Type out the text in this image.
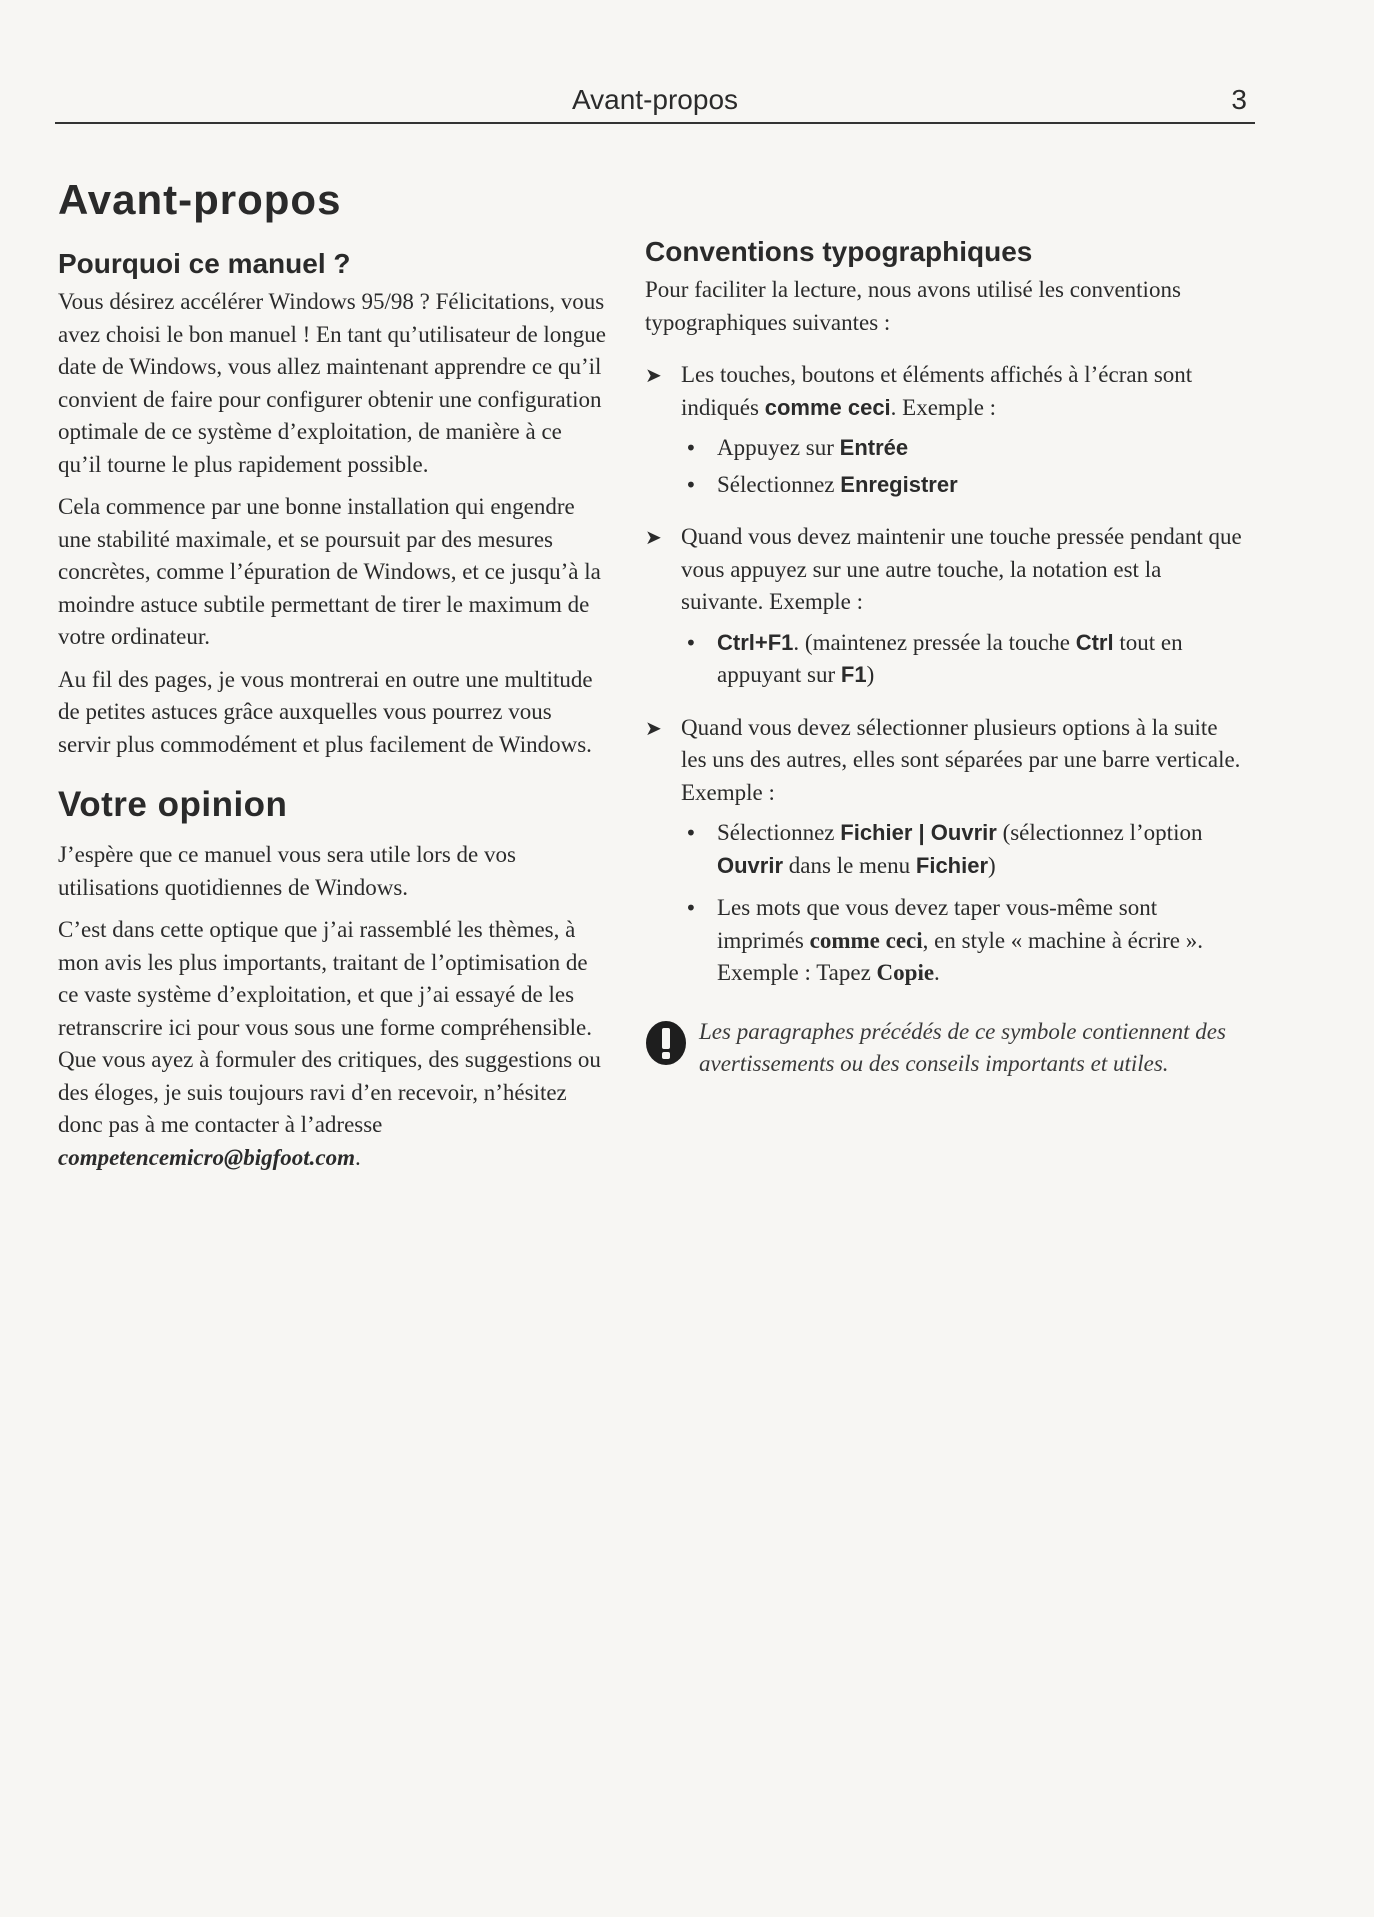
Avant-propos	3
Avant-propos
Pourquoi ce manuel ?

Vous désirez accélérer Windows 95/98 ? Félicitations, vous avez choisi le bon manuel ! En tant qu’utilisateur de longue date de Windows, vous allez maintenant apprendre ce qu’il convient de faire pour configurer obtenir une configuration optimale de ce système d’exploitation, de manière à ce qu’il tourne le plus rapidement possible.

Cela commence par une bonne installation qui engendre une stabilité maximale, et se poursuit par des mesures concrètes, comme l’épuration de Windows, et ce jusqu’à la moindre astuce subtile permettant de tirer le maximum de votre ordinateur.

Au fil des pages, je vous montrerai en outre une multitude de petites astuces grâce auxquelles vous pourrez vous servir plus commodément et plus facilement de Windows.

Votre opinion

J’espère que ce manuel vous sera utile lors de vos utilisations quotidiennes de Windows.

C’est dans cette optique que j’ai rassemblé les thèmes, à mon avis les plus importants, traitant de l’optimisation de ce vaste système d’exploitation, et que j’ai essayé de les retranscrire ici pour vous sous une forme compréhensible. Que vous ayez à formuler des critiques, des suggestions ou des éloges, je suis toujours ravi d’en recevoir, n’hésitez donc pas à me contacter à l’adresse competencemicro@bigfoot.com.

Conventions typographiques

Pour faciliter la lecture, nous avons utilisé les conventions typographiques suivantes :

➤ Les touches, boutons et éléments affichés à l’écran sont indiqués comme ceci. Exemple :

• Appuyez sur Entrée

• Sélectionnez Enregistrer

➤ Quand vous devez maintenir une touche pressée pendant que vous appuyez sur une autre touche, la notation est la suivante. Exemple :

• Ctrl+F1. (maintenez pressée la touche Ctrl tout en appuyant sur F1)

➤ Quand vous devez sélectionner plusieurs options à la suite les uns des autres, elles sont séparées par une barre verticale. Exemple :

• Sélectionnez Fichier | Ouvrir (sélectionnez l’option Ouvrir dans le menu Fichier)

• Les mots que vous devez taper vous-même sont imprimés comme ceci, en style « machine à écrire ». Exemple : Tapez Copie.

Les paragraphes précédés de ce symbole contiennent des avertissements ou des conseils importants et utiles.
